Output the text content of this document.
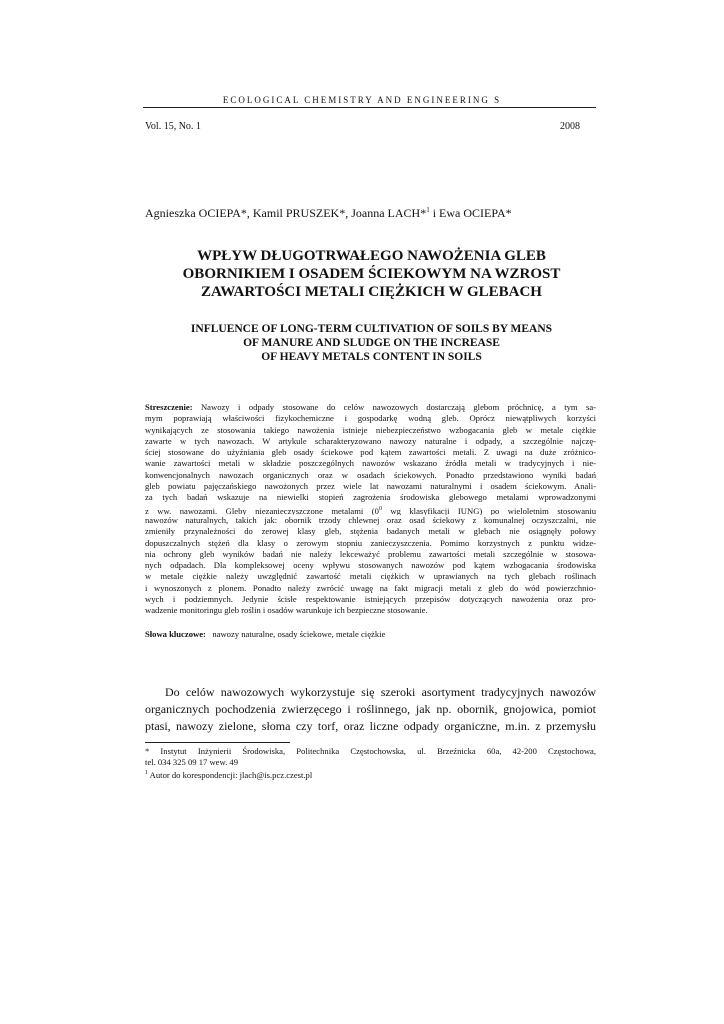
ECOLOGICAL CHEMISTRY AND ENGINEERING S
Vol. 15, No. 1	2008
Agnieszka OCIEPA*, Kamil PRUSZEK*, Joanna LACH*$^1$ i Ewa OCIEPA*
WPŁYW DŁUGOTRWAŁEGO NAWOŻENIA GLEB
OBORNIKIEM I OSADEM ŚCIEKOWYM NA WZROST
ZAWARTOŚCI METALI CIĘŻKICH W GLEBACH
INFLUENCE OF LONG-TERM CULTIVATION OF SOILS BY MEANS
OF MANURE AND SLUDGE ON THE INCREASE
OF HEAVY METALS CONTENT IN SOILS
Streszczenie: Nawozy i odpady stosowane do celów nawozowych dostarczają glebom próchnicę, a tym sa-
mym poprawiają właściwości fizykochemiczne i gospodarkę wodną gleb. Oprócz niewątpliwych korzyści
wynikających ze stosowania takiego nawożenia istnieje niebezpieczeństwo wzbogacania gleb w metale ciężkie
zawarte w tych nawozach. W artykule scharakteryzowano nawozy naturalne i odpady, a szczególnie najczę-
ściej stosowane do użyźniania gleb osady ściekowe pod kątem zawartości metali. Z uwagi na duże zróżnico-
wanie zawartości metali w składzie poszczególnych nawozów wskazano źródła metali w tradycyjnych i nie-
konwencjonalnych nawozach organicznych oraz w osadach ściekowych. Ponadto przedstawiono wyniki badań
gleb powiatu pajęczańskiego nawożonych przez wiele lat nawozami naturalnymi i osadem ściekowym. Anali-
za tych badań wskazuje na niewielki stopień zagrożenia środowiska glebowego metalami wprowadzonymi
z ww. nawozami. Gleby niezanieczyszczone metalami ($0^0$ wg klasyfikacji IUNG) po wieloletnim stosowaniu
nawozów naturalnych, takich jak: obornik trzody chlewnej oraz osad ściekowy z komunalnej oczyszczalni, nie
zmieniły przynależności do zerowej klasy gleb, stężenia badanych metali w glebach nie osiągnęły połowy
dopuszczalnych stężeń dla klasy o zerowym stopniu zanieczyszczenia. Pomimo korzystnych z punktu widze-
nia ochrony gleb wyników badań nie należy lekceważyć problemu zawartości metali szczególnie w stosowa-
nych odpadach. Dla kompleksowej oceny wpływu stosowanych nawozów pod kątem wzbogacania środowiska
w metale ciężkie należy uwzględnić zawartość metali ciężkich w uprawianych na tych glebach roślinach
i wynoszonych z plonem. Ponadto należy zwrócić uwagę na fakt migracji metali z gleb do wód powierzchnio-
wych i podziemnych. Jedynie ścisłe respektowanie istniejących przepisów dotyczących nawożenia oraz pro-
wadzenie monitoringu gleb roślin i osadów warunkuje ich bezpieczne stosowanie.
Słowa kluczowe: nawozy naturalne, osady ściekowe, metale ciężkie
Do celów nawozowych wykorzystuje się szeroki asortyment tradycyjnych nawozów
organicznych pochodzenia zwierzęcego i roślinnego, jak np. obornik, gnojowica, pomiot
ptasi, nawozy zielone, słoma czy torf, oraz liczne odpady organiczne, m.in. z przemysłu
* Instytut Inżynierii Środowiska, Politechnika Częstochowska, ul. Brzeźnicka 60a, 42-200 Częstochowa,
tel. 034 325 09 17 wew. 49
$^1$ Autor do korespondencji: jlach@is.pcz.czest.pl
